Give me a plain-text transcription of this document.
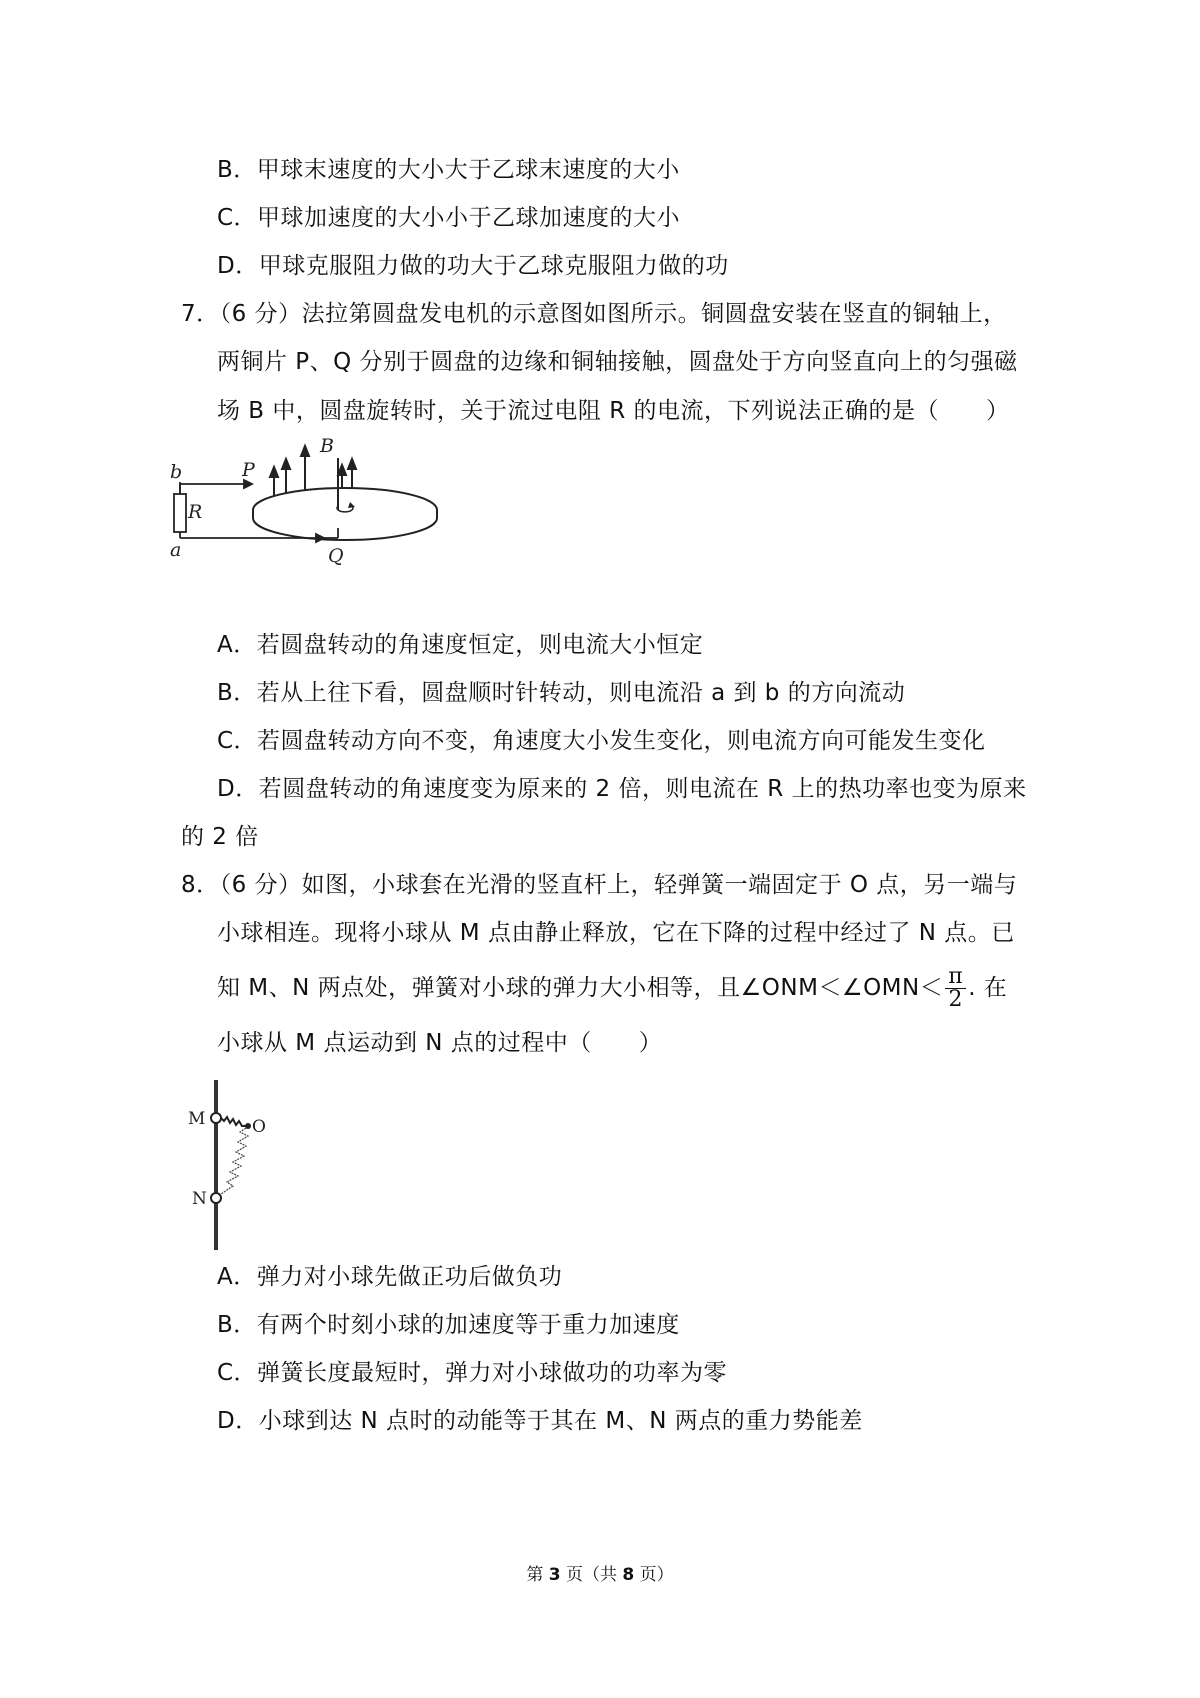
B．甲球末速度的大小大于乙球末速度的大小
C．甲球加速度的大小小于乙球加速度的大小
D．甲球克服阻力做的功大于乙球克服阻力做的功
7．（6 分）法拉第圆盘发电机的示意图如图所示。铜圆盘安装在竖直的铜轴上，
两铜片 P、Q 分别于圆盘的边缘和铜轴接触，圆盘处于方向竖直向上的匀强磁
场 B 中，圆盘旋转时，关于流过电阻 R 的电流，下列说法正确的是（　　）
B
b	P
R
a	Q
A．若圆盘转动的角速度恒定，则电流大小恒定
B．若从上往下看，圆盘顺时针转动，则电流沿 a 到 b 的方向流动
C．若圆盘转动方向不变，角速度大小发生变化，则电流方向可能发生变化
D．若圆盘转动的角速度变为原来的 2 倍，则电流在 R 上的热功率也变为原来
的 2 倍
8．（6 分）如图，小球套在光滑的竖直杆上，轻弹簧一端固定于 O 点，另一端与
小球相连。现将小球从 M 点由静止释放，它在下降的过程中经过了 N 点。已
知 M、N 两点处，弹簧对小球的弹力大小相等，且∠ONM＜∠OMN＜ $\frac{\pi}{2}$ . 在
小球从 M 点运动到 N 点的过程中（　　）
M	O
N
A．弹力对小球先做正功后做负功
B．有两个时刻小球的加速度等于重力加速度
C．弹簧长度最短时，弹力对小球做功的功率为零
D．小球到达 N 点时的动能等于其在 M、N 两点的重力势能差
第 3 页（共 8 页）
